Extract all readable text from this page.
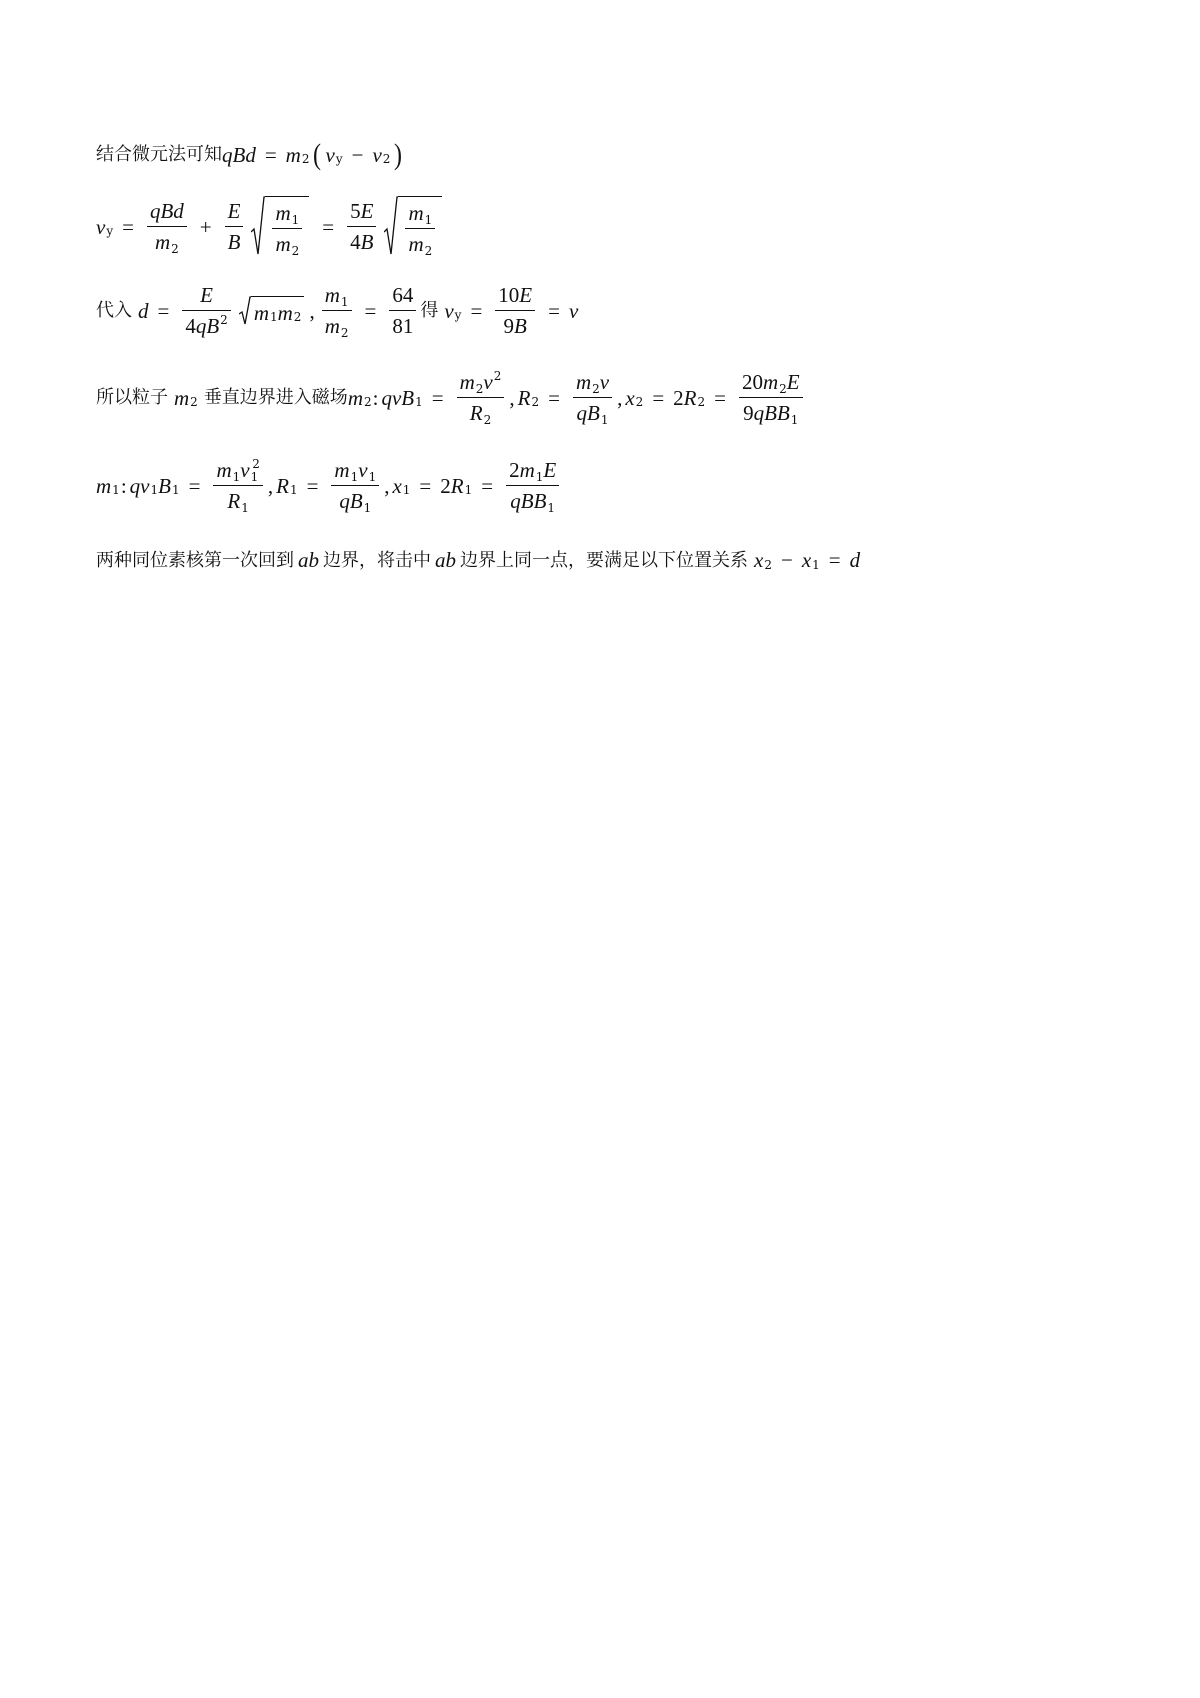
结合微元法可知 q B $d = m_2$ ( $v_y - v_2$ )
$v_y = \frac{\text{qBd}}{m_2} + \frac{E}{B} \frac{m_1}{m_2} = \frac{5E}{4B} \frac{m_1}{m_2}$
代入 $d = \frac{E}{4qB^2} m_1$ $m_2$ , $\frac{m_1}{m_2} = \frac{64}{81}$ 得 $v_y = \frac{10E}{9B} = v$
所以粒子 $m_2$ 垂直边界进入磁场 $m_2$ : q v $B_1 = \frac{m_2v^2}{R_2}$ , $R_2 = \frac{m_2v}{qB_1}$ , $x_2 = 2$ $R_2 = \frac{20m_2E}{9qBB_1}$
$m_1$ : q $v_1$ $B_1 = \frac{m_1v_1^2}{R_1}$ , $R_1 = \frac{m_1v_1}{qB_1}$ , $x_1 = 2$ $R_1 = \frac{2m_1E}{qBB_1}$
两种同位素核第一次回到 ab 边界，将击中 ab 边界上同一点，要满足以下位置关系 $x_2 - x_1 = d$
